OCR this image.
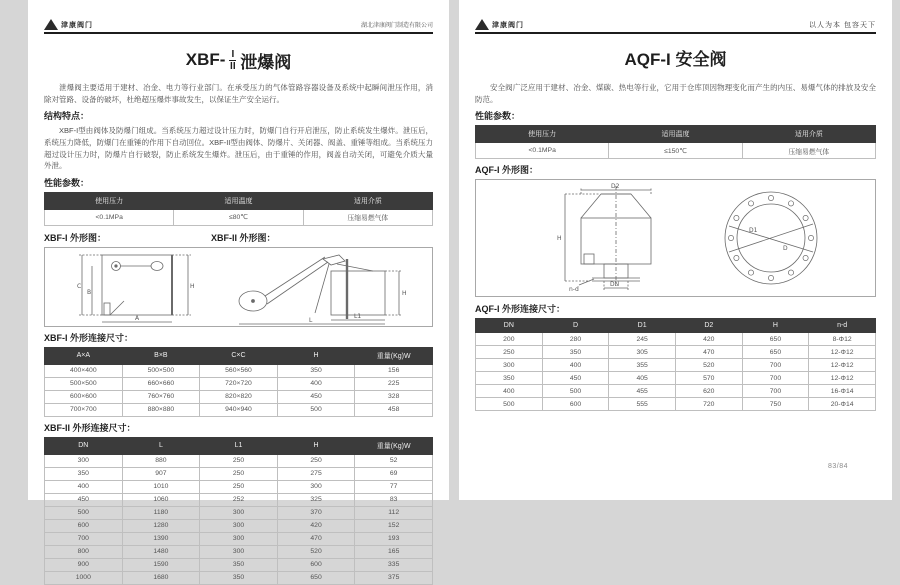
津康阀门	湖北津康阀门制造有限公司
$XBF- \frac{I}{II}$ 泄爆阀

泄爆阀主要适用于建材、冶金、电力等行业部门。在承受压力的气体管路容器设备及系统中起瞬间泄压作用，消除对管路、设备的破坏，杜绝超压爆炸事故发生，以保证生产安全运行。

结构特点：

XBF-I型由阀体及防爆门组成。当系统压力超过设计压力时，防爆门自行开启泄压，防止系统发生爆炸。泄压后，系统压力降低，防爆门在重锤的作用下自动回位。XBF-II型由阀体、防爆片、关闭器、阀盖、重锤等组成。当系统压力超过设计压力时，防爆片自行破裂，防止系统发生爆炸。泄压后，由于重锤的作用，阀盖自动关闭，可避免介质大量外泄。

性能参数：
使用压力	适用温度	适用介质
<0.1MPa	≤80℃	压缩易燃气体
XBF-I 外形图：	XBF-II 外形图：
C
B
H
A
H
L1
L
XBF-I 外形连接尺寸：
A×A	B×B	C×C	H	重量(Kg)W
400×400	500×500	560×560	350	156
500×500	660×660	720×720	400	225
600×600	760×760	820×820	450	328
700×700	880×880	940×940	500	458
XBF-II 外形连接尺寸：
DN	L	L1	H	重量(Kg)W
300	880	250	250	52
350	907	250	275	69
400	1010	250	300	77
450	1060	252	325	83
500	1180	300	370	112
600	1280	300	420	152
700	1390	300	470	193
800	1480	300	520	165
900	1590	350	600	335
1000	1680	350	650	375
津康阀门	以人为本 包容天下
AQF-I 安全阀

安全阀广泛应用于建材、冶金、煤碳、热电等行业，它用于仓库顶因物理变化而产生的内压、易爆气体的排放及安全防范。

性能参数：
使用压力	适用温度	适用介质
<0.1MPa	≤150℃	压缩易燃气体
AQF-I 外形图：
D2
H
DN
n-d
D1
D
AQF-I 外形连接尺寸：
DN	D	D1	D2	H	n-d
200	280	245	420	650	8-Φ12
250	350	305	470	650	12-Φ12
300	400	355	520	700	12-Φ12
350	450	405	570	700	12-Φ12
400	500	455	620	700	16-Φ14
500	600	555	720	750	20-Φ14
83/84
